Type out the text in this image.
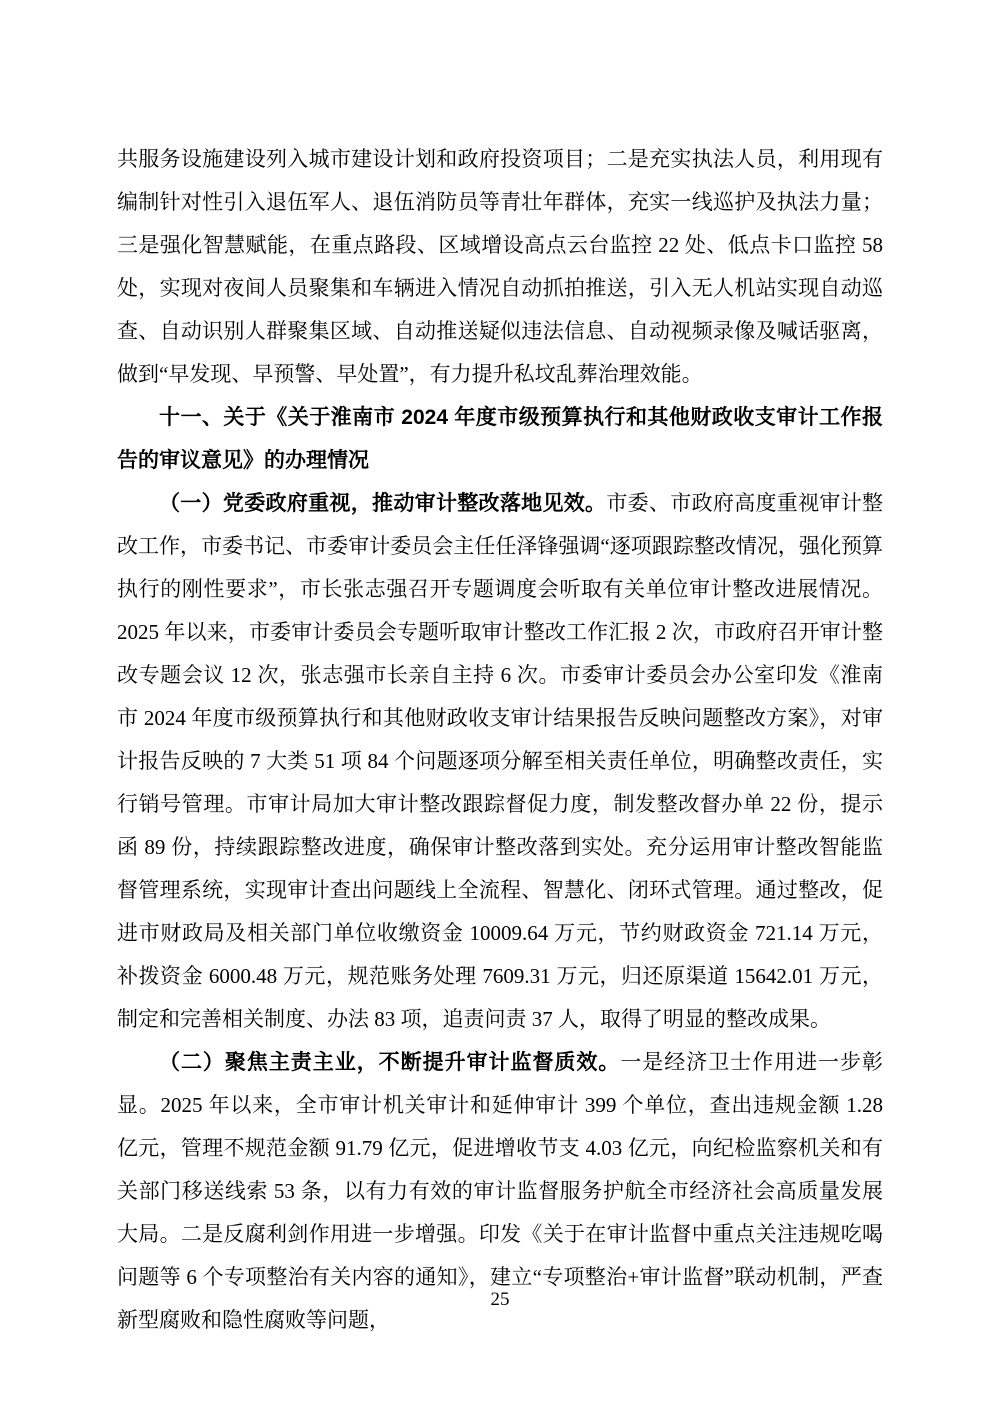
共服务设施建设列入城市建设计划和政府投资项目；二是充实执法人员，利用现有编制针对性引入退伍军人、退伍消防员等青壮年群体，充实一线巡护及执法力量；三是强化智慧赋能，在重点路段、区域增设高点云台监控 22 处、低点卡口监控 58 处，实现对夜间人员聚集和车辆进入情况自动抓拍推送，引入无人机站实现自动巡查、自动识别人群聚集区域、自动推送疑似违法信息、自动视频录像及喊话驱离，做到“早发现、早预警、早处置”，有力提升私坟乱葬治理效能。

十一、关于《关于淮南市 2024 年度市级预算执行和其他财政收支审计工作报告的审议意见》的办理情况

（一）党委政府重视，推动审计整改落地见效。市委、市政府高度重视审计整改工作，市委书记、市委审计委员会主任任泽锋强调“逐项跟踪整改情况，强化预算执行的刚性要求”，市长张志强召开专题调度会听取有关单位审计整改进展情况。2025 年以来，市委审计委员会专题听取审计整改工作汇报 2 次，市政府召开审计整改专题会议 12 次，张志强市长亲自主持 6 次。市委审计委员会办公室印发《淮南市 2024 年度市级预算执行和其他财政收支审计结果报告反映问题整改方案》，对审计报告反映的 7 大类 51 项 84 个问题逐项分解至相关责任单位，明确整改责任，实行销号管理。市审计局加大审计整改跟踪督促力度，制发整改督办单 22 份，提示函 89 份，持续跟踪整改进度，确保审计整改落到实处。充分运用审计整改智能监督管理系统，实现审计查出问题线上全流程、智慧化、闭环式管理。通过整改，促进市财政局及相关部门单位收缴资金 10009.64 万元，节约财政资金 721.14 万元，补拨资金 6000.48 万元，规范账务处理 7609.31 万元，归还原渠道 15642.01 万元，制定和完善相关制度、办法 83 项，追责问责 37 人，取得了明显的整改成果。

（二）聚焦主责主业，不断提升审计监督质效。一是经济卫士作用进一步彰显。2025 年以来，全市审计机关审计和延伸审计 399 个单位，查出违规金额 1.28 亿元，管理不规范金额 91.79 亿元，促进增收节支 4.03 亿元，向纪检监察机关和有关部门移送线索 53 条，以有力有效的审计监督服务护航全市经济社会高质量发展大局。二是反腐利剑作用进一步增强。印发《关于在审计监督中重点关注违规吃喝问题等 6 个专项整治有关内容的通知》，建立“专项整治+审计监督”联动机制，严查新型腐败和隐性腐败等问题，

25
